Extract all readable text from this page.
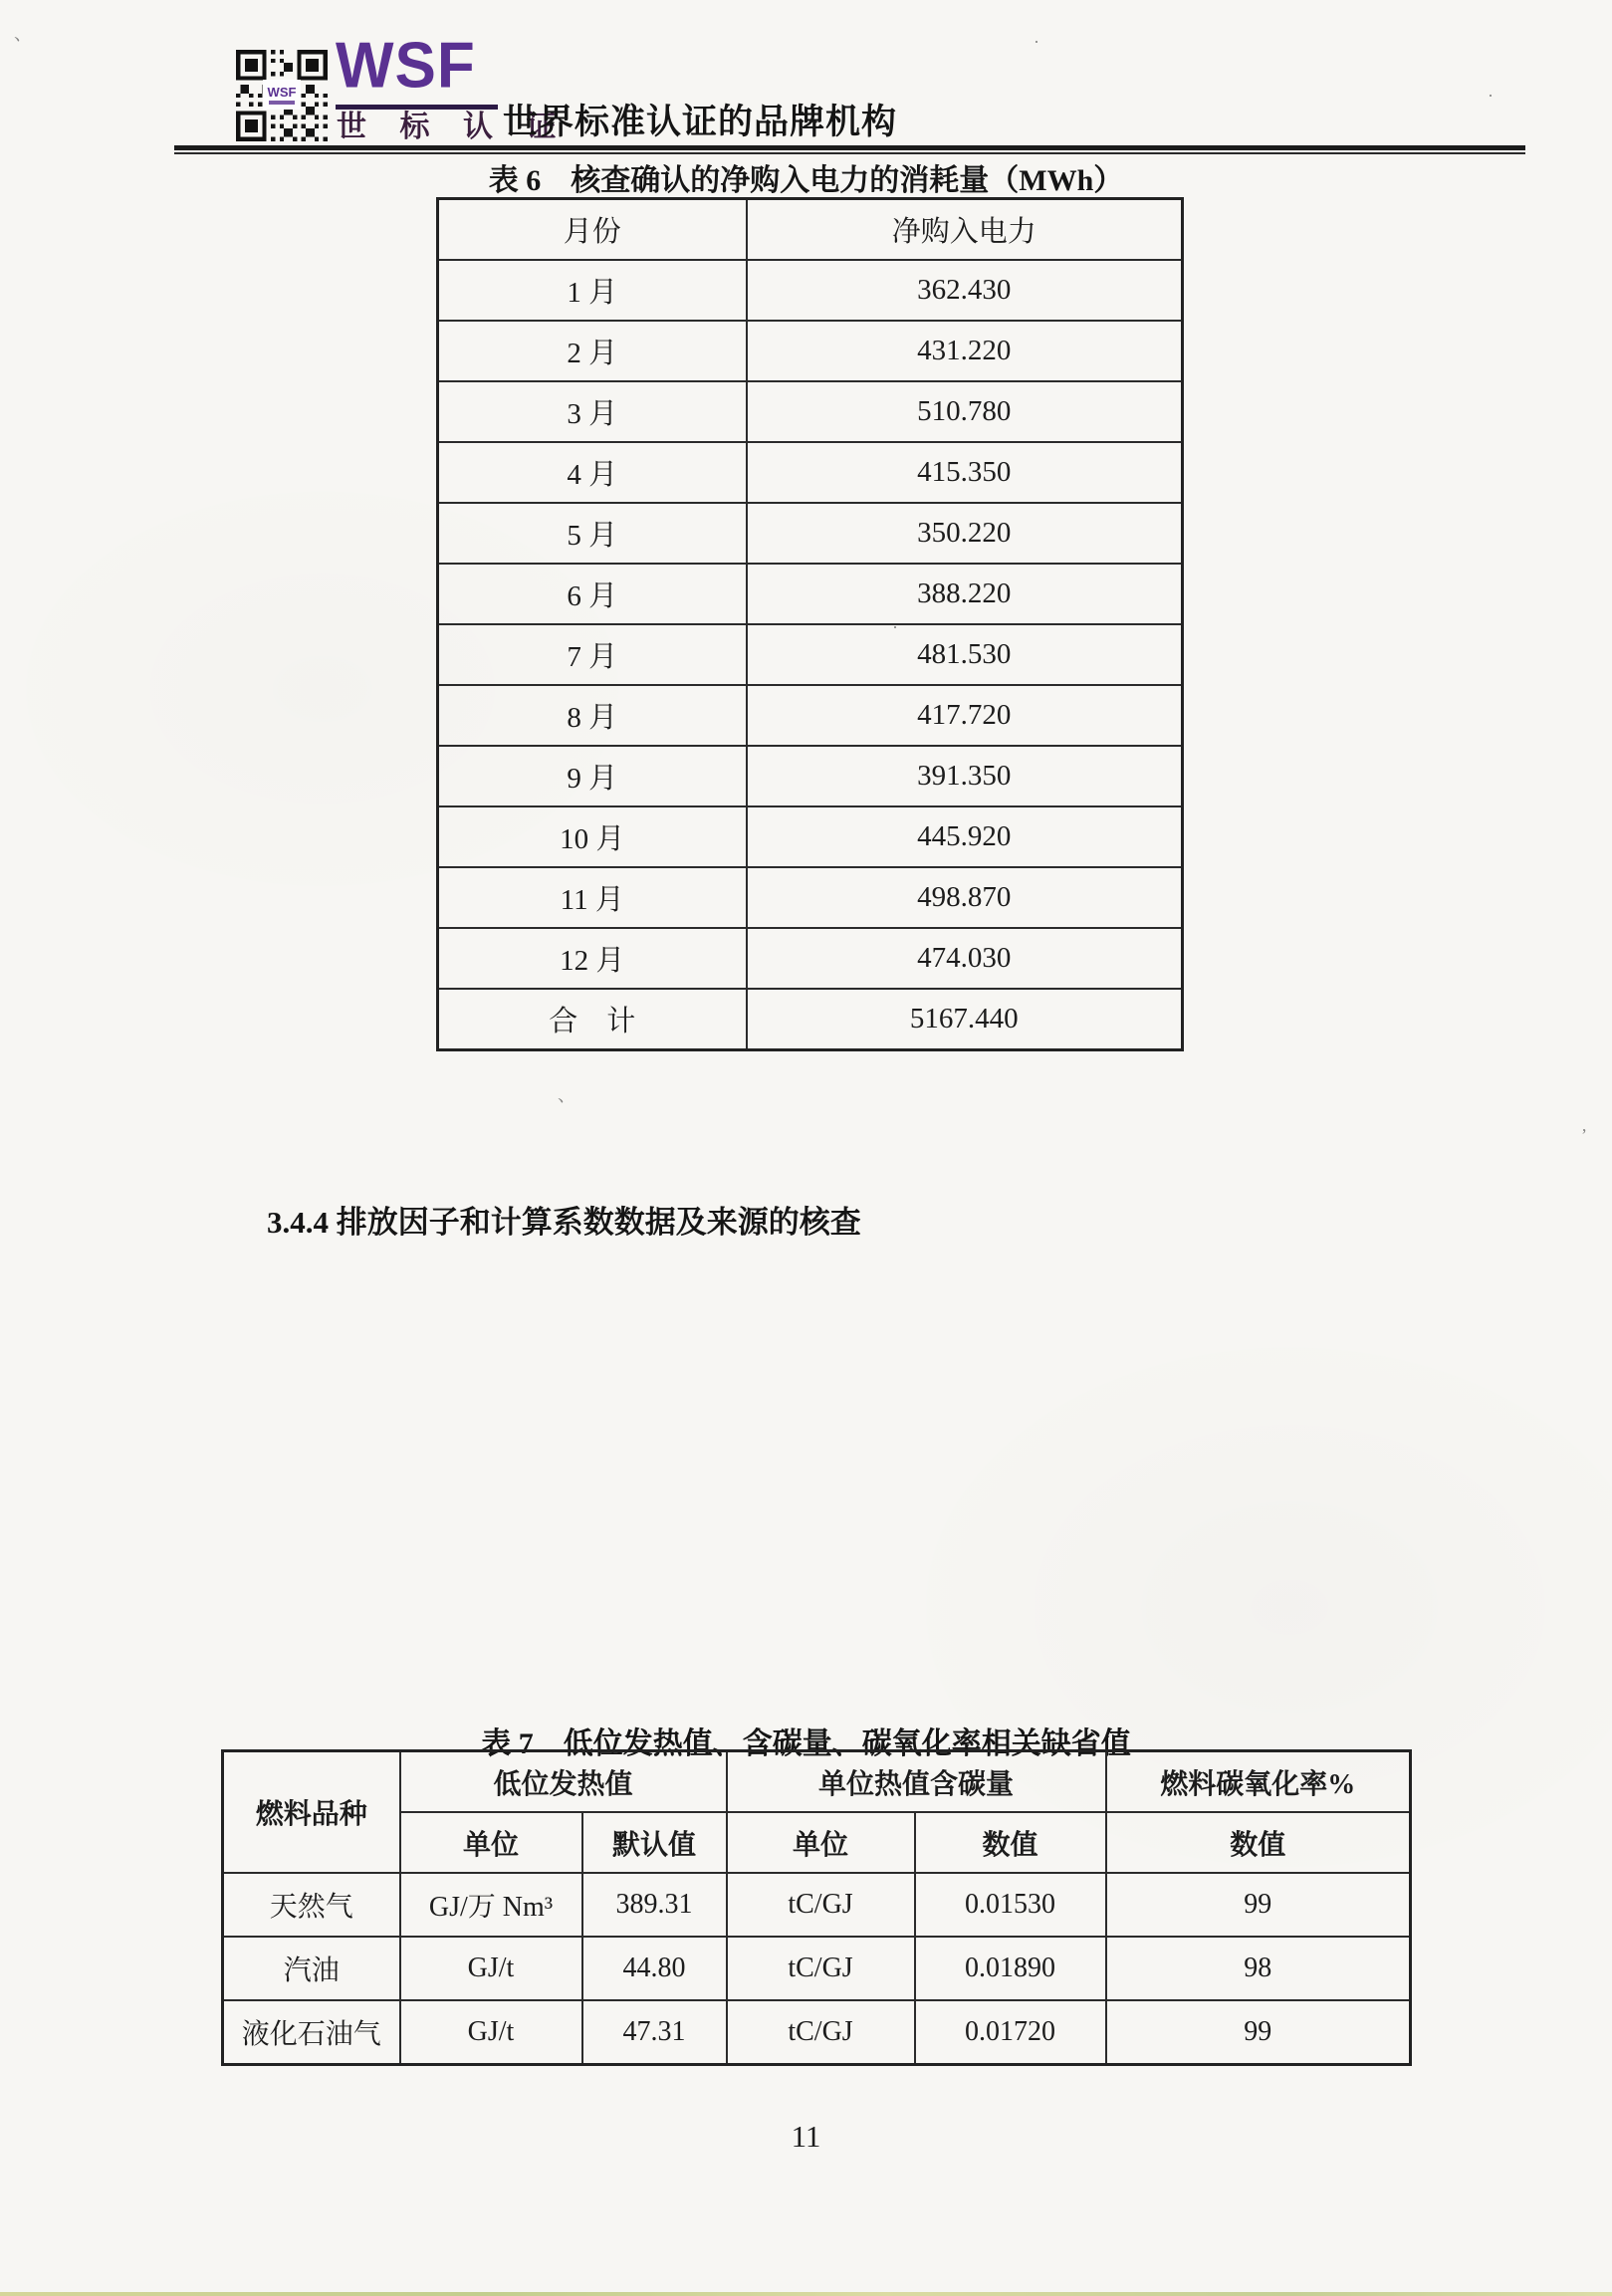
WSF WSF
世 标 认 证
世界标准认证的品牌机构
表 6　核查确认的净购入电力的消耗量（MWh）
月份	净购入电力
1 月	362.430
2 月	431.220
3 月	510.780
4 月	415.350
5 月	350.220
6 月	388.220
7 月	481.530
8 月	417.720
9 月	391.350
10 月	445.920
11 月	498.870
12 月	474.030
合　计	5167.440
3.4.4 排放因子和计算系数数据及来源的核查
表 7　低位发热值、含碳量、碳氧化率相关缺省值
燃料品种	低位发热值		单位热值含碳量		燃料碳氧化率%
	单位	默认值	单位	数值	数值
天然气	GJ/万 Nm³	389.31	tC/GJ	0.01530	99
汽油	GJ/t	44.80	tC/GJ	0.01890	98
液化石油气	GJ/t	47.31	tC/GJ	0.01720	99
11
、	·
·
·
、
’
